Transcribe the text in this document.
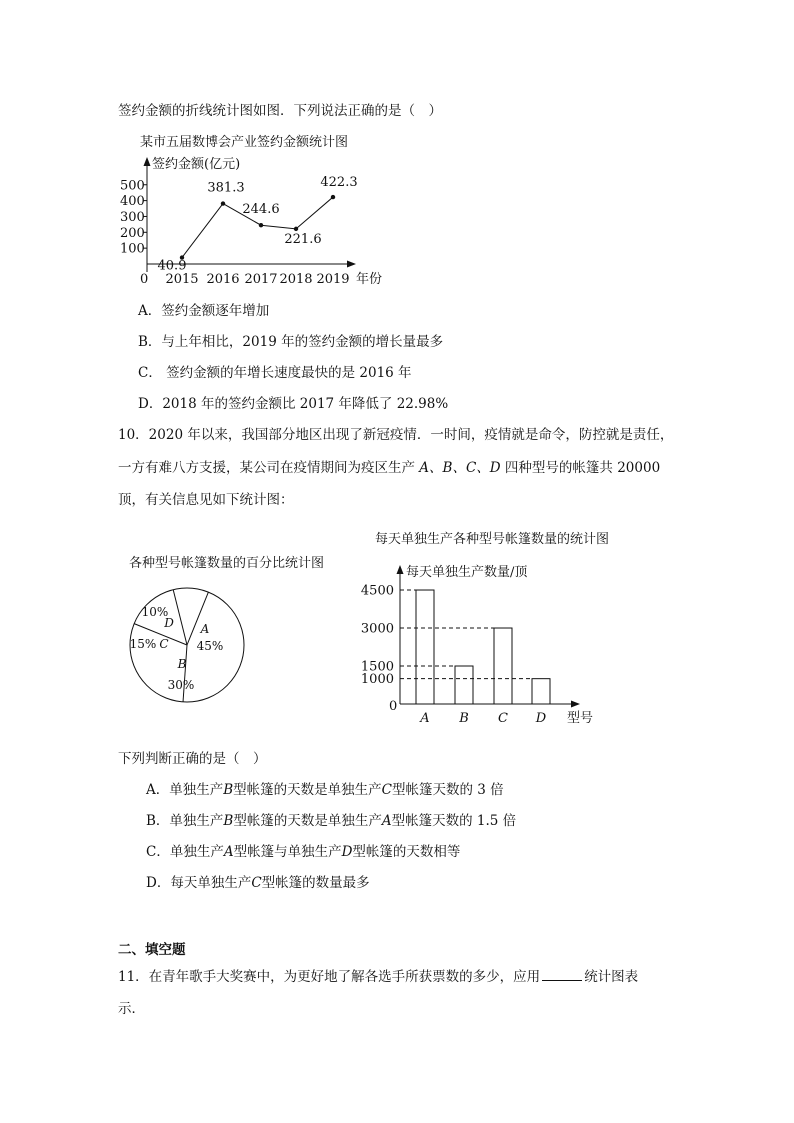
签约金额的折线统计图如图．下列说法正确的是（　）
某市五届数博会产业签约金额统计图
签约金额(亿元)
0	年份
100
200
300
400
500
2015 2016 2017 2018 2019
40.9
381.3
244.6
221.6
422.3
A．签约金额逐年增加
B．与上年相比，2019 年的签约金额的增长量最多
C． 签约金额的年增长速度最快的是 2016 年
D．2018 年的签约金额比 2017 年降低了 22.98%
10．2020 年以来，我国部分地区出现了新冠疫情．一时间，疫情就是命令，防控就是责任，
一方有难八方支援，某公司在疫情期间为疫区生产 A、B、C、D 四种型号的帐篷共 20000
顶，有关信息见如下统计图：
各种型号帐篷数量的百分比统计图
A
45%
B
30%
C
15%
D
10%
每天单独生产各种型号帐篷数量的统计图
每天单独生产数量/顶
0
型号
1000
1500
3000
4500
A B C D
下列判断正确的是（　）
A．单独生产B型帐篷的天数是单独生产C型帐篷天数的 3 倍
B．单独生产B型帐篷的天数是单独生产A型帐篷天数的 1.5 倍
C．单独生产A型帐篷与单独生产D型帐篷的天数相等
D．每天单独生产C型帐篷的数量最多
二、填空题
11．在青年歌手大奖赛中，为更好地了解各选手所获票数的多少，应用	统计图表
示．
